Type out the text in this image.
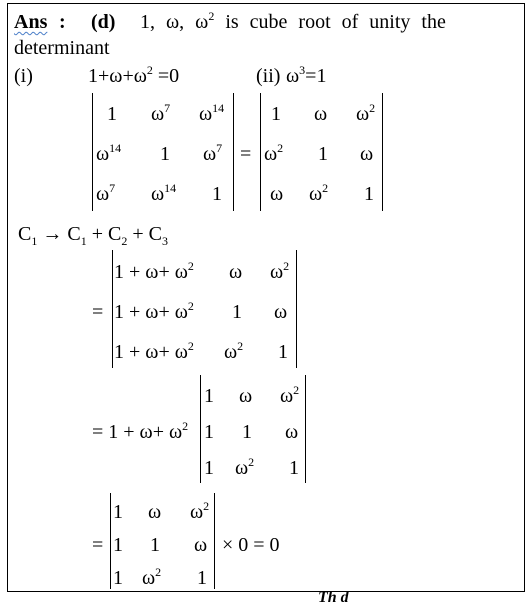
Ans : (d) 1, ω, $\omega^2$ is cube root of unity the
determinant
(i)	$1+\omega+\omega^2 =0$	(ii) $\omega^3=1$
1 $\omega^7$ $\omega^{14}$
$\omega^{14}$ 1 $\omega^7$
$\omega^7$ $\omega^{14}$ 1
=
1 ω $\omega^2$
$\omega^2$ 1 ω
ω $\omega^2$ 1
$C_1 \to C_1 + C_2 + C_3$
$1 + \omega+ \omega^2$ ω $\omega^2$
= $1 + \omega+ \omega^2$ 1 ω
$1 + \omega+ \omega^2$ $\omega^2$ 1
= $1 + \omega+ \omega^2$
1 ω $\omega^2$
1 1 ω
1 $\omega^2$ 1
1 ω $\omega^2$
= 1 1 ω
1 $\omega^2$ 1
× 0 = 0
Th d
